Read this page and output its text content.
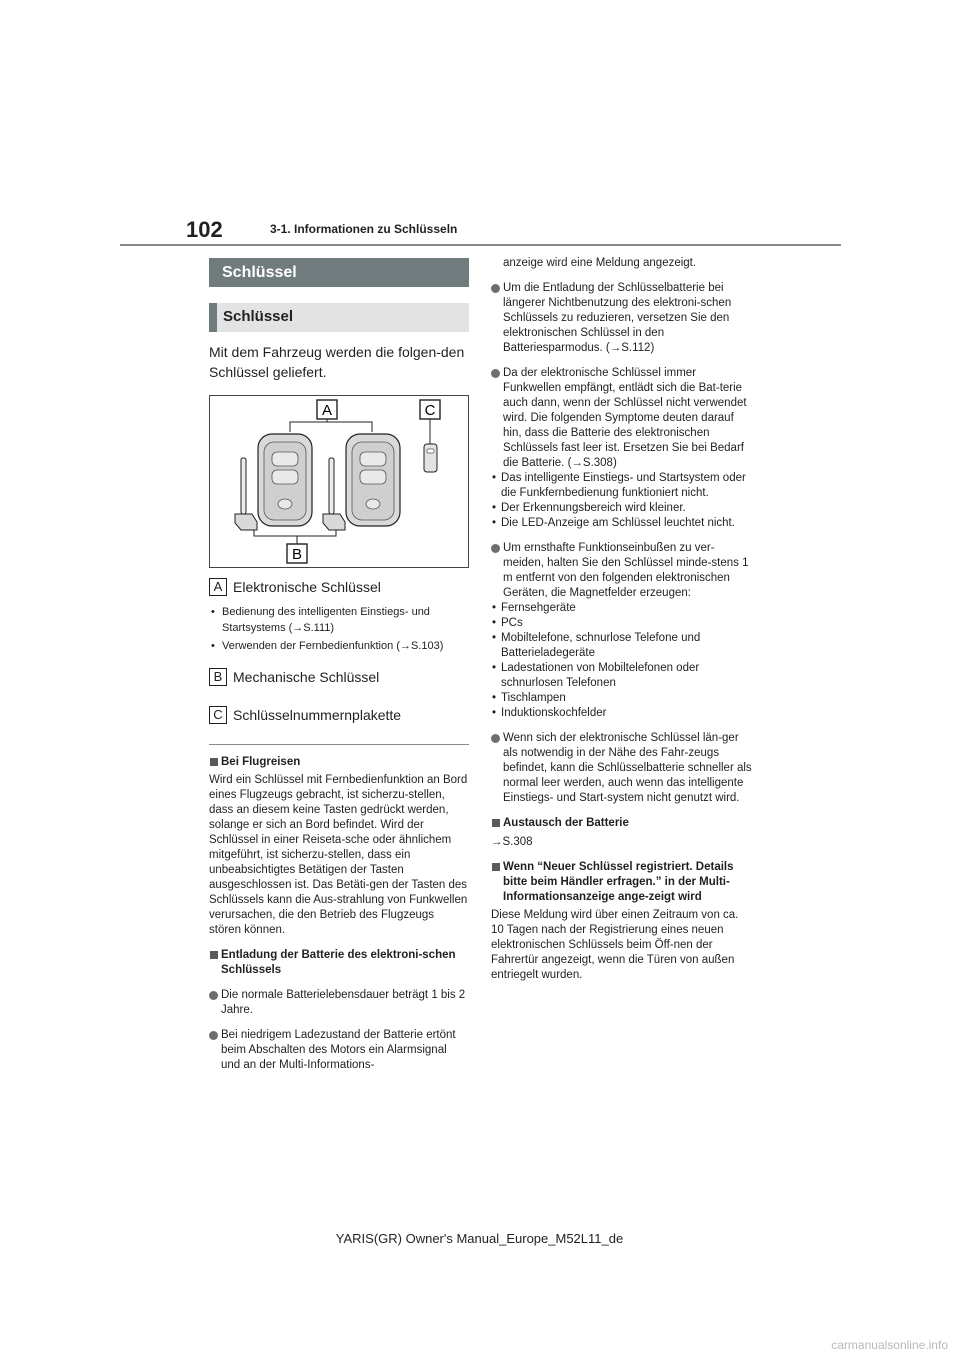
102	3-1. Informationen zu Schlüsseln
Schlüssel
Schlüssel
Mit dem Fahrzeug werden die folgen-den Schlüssel geliefert.
A	C
B
A Elektronische Schlüssel
• Bedienung des intelligenten Einstiegs- und Startsystems (→S.111)
• Verwenden der Fernbedienfunktion (→S.103)
B Mechanische Schlüssel
C Schlüsselnummernplakette
Bei Flugreisen
Wird ein Schlüssel mit Fernbedienfunktion an Bord eines Flugzeugs gebracht, ist sicherzu-stellen, dass an diesem keine Tasten gedrückt werden, solange er sich an Bord befindet. Wird der Schlüssel in einer Reiseta-sche oder ähnlichem mitgeführt, ist sicherzu-stellen, dass ein unbeabsichtigtes Betätigen der Tasten ausgeschlossen ist. Das Betäti-gen der Tasten des Schlüssels kann die Aus-strahlung von Funkwellen verursachen, die den Betrieb des Flugzeugs stören können.
Entladung der Batterie des elektroni-schen Schlüssels
Die normale Batterielebensdauer beträgt 1 bis 2 Jahre.
Bei niedrigem Ladezustand der Batterie ertönt beim Abschalten des Motors ein Alarmsignal und an der Multi-Informations-
anzeige wird eine Meldung angezeigt.
Um die Entladung der Schlüsselbatterie bei längerer Nichtbenutzung des elektroni-schen Schlüssels zu reduzieren, versetzen Sie den elektronischen Schlüssel in den Batteriesparmodus. (→S.112)
Da der elektronische Schlüssel immer Funkwellen empfängt, entlädt sich die Bat-terie auch dann, wenn der Schlüssel nicht verwendet wird. Die folgenden Symptome deuten darauf hin, dass die Batterie des elektronischen Schlüssels fast leer ist. Ersetzen Sie bei Bedarf die Batterie. (→S.308)
• Das intelligente Einstiegs- und Startsystem oder die Funkfernbedienung funktioniert nicht.
• Der Erkennungsbereich wird kleiner.
• Die LED-Anzeige am Schlüssel leuchtet nicht.
Um ernsthafte Funktionseinbußen zu ver-meiden, halten Sie den Schlüssel minde-stens 1 m entfernt von den folgenden elektronischen Geräten, die Magnetfelder erzeugen:
• Fernsehgeräte
• PCs
• Mobiltelefone, schnurlose Telefone und Batterieladegeräte
• Ladestationen von Mobiltelefonen oder schnurlosen Telefonen
• Tischlampen
• Induktionskochfelder
Wenn sich der elektronische Schlüssel län-ger als notwendig in der Nähe des Fahr-zeugs befindet, kann die Schlüsselbatterie schneller als normal leer werden, auch wenn das intelligente Einstiegs- und Start-system nicht genutzt wird.
Austausch der Batterie
→S.308
Wenn “Neuer Schlüssel registriert. Details bitte beim Händler erfragen.” in der Multi-Informationsanzeige ange-zeigt wird
Diese Meldung wird über einen Zeitraum von ca. 10 Tagen nach der Registrierung eines neuen elektronischen Schlüssels beim Öff-nen der Fahrertür angezeigt, wenn die Türen von außen entriegelt wurden.
YARIS(GR) Owner's Manual_Europe_M52L11_de
carmanualsonline.info
